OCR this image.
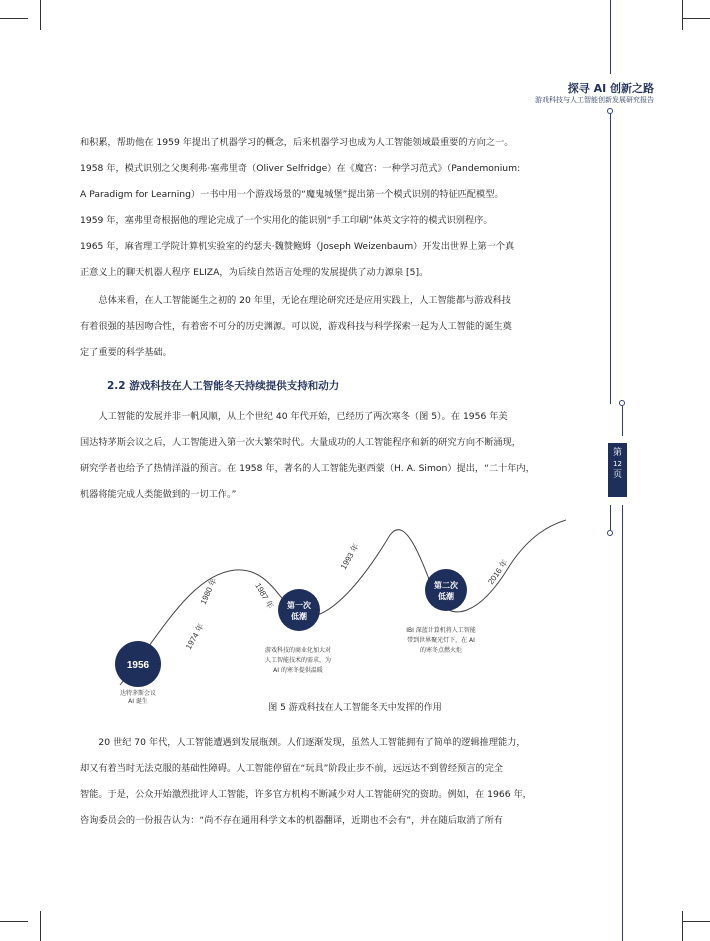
探寻 AI 创新之路
游戏科技与人工智能创新发展研究报告
第
12
页
和积累，帮助他在 1959 年提出了机器学习的概念，后来机器学习也成为人工智能领域最重要的方向之一。
1958 年，模式识别之父奥利弗·塞弗里奇（Oliver Selfridge）在《魔宫：一种学习范式》（Pandemonium:
A Paradigm for Learning）一书中用一个游戏场景的“魔鬼城堡”提出第一个模式识别的特征匹配模型。
1959 年，塞弗里奇根据他的理论完成了一个实用化的能识别“手工印刷”体英文字符的模式识别程序。
1965 年，麻省理工学院计算机实验室的约瑟夫·魏赞鲍姆（Joseph Weizenbaum）开发出世界上第一个真
正意义上的聊天机器人程序 ELIZA，为后续自然语言处理的发展提供了动力源泉 [5]。
总体来看，在人工智能诞生之初的 20 年里，无论在理论研究还是应用实践上，人工智能都与游戏科技
有着很强的基因吻合性，有着密不可分的历史渊源。可以说，游戏科技与科学探索一起为人工智能的诞生奠
定了重要的科学基础。
2.2 游戏科技在人工智能冬天持续提供支持和动力
人工智能的发展并非一帆风顺，从上个世纪 40 年代开始，已经历了两次寒冬（图 5）。在 1956 年美
国达特茅斯会议之后，人工智能进入第一次大繁荣时代。大量成功的人工智能程序和新的研究方向不断涌现，
研究学者也给予了热情洋溢的预言。在 1958 年，著名的人工智能先驱西蒙（H. A. Simon）提出，“二十年内，
机器将能完成人类能做到的一切工作。”
1956
达特茅斯会议
AI 诞生
1974 年
1980 年	1987 年
1993 年
2016 年
第一次
低潮
游戏科技的商业化加大对
人工智能技术的需求，为
AI 的寒冬提供温暖
第二次
低潮
IBI 深蓝计算机将人工智能
带到世界聚光灯下，在 AI
的寒冬点燃火炬
图 5 游戏科技在人工智能冬天中发挥的作用
20 世纪 70 年代，人工智能遭遇到发展瓶颈。人们逐渐发现，虽然人工智能拥有了简单的逻辑推理能力，
却又有着当时无法克服的基础性障碍。人工智能停留在“玩具”阶段止步不前，远远达不到曾经预言的完全
智能。于是，公众开始激烈批评人工智能，许多官方机构不断减少对人工智能研究的资助。例如，在 1966 年，
咨询委员会的一份报告认为：“尚不存在通用科学文本的机器翻译，近期也不会有”，并在随后取消了所有
